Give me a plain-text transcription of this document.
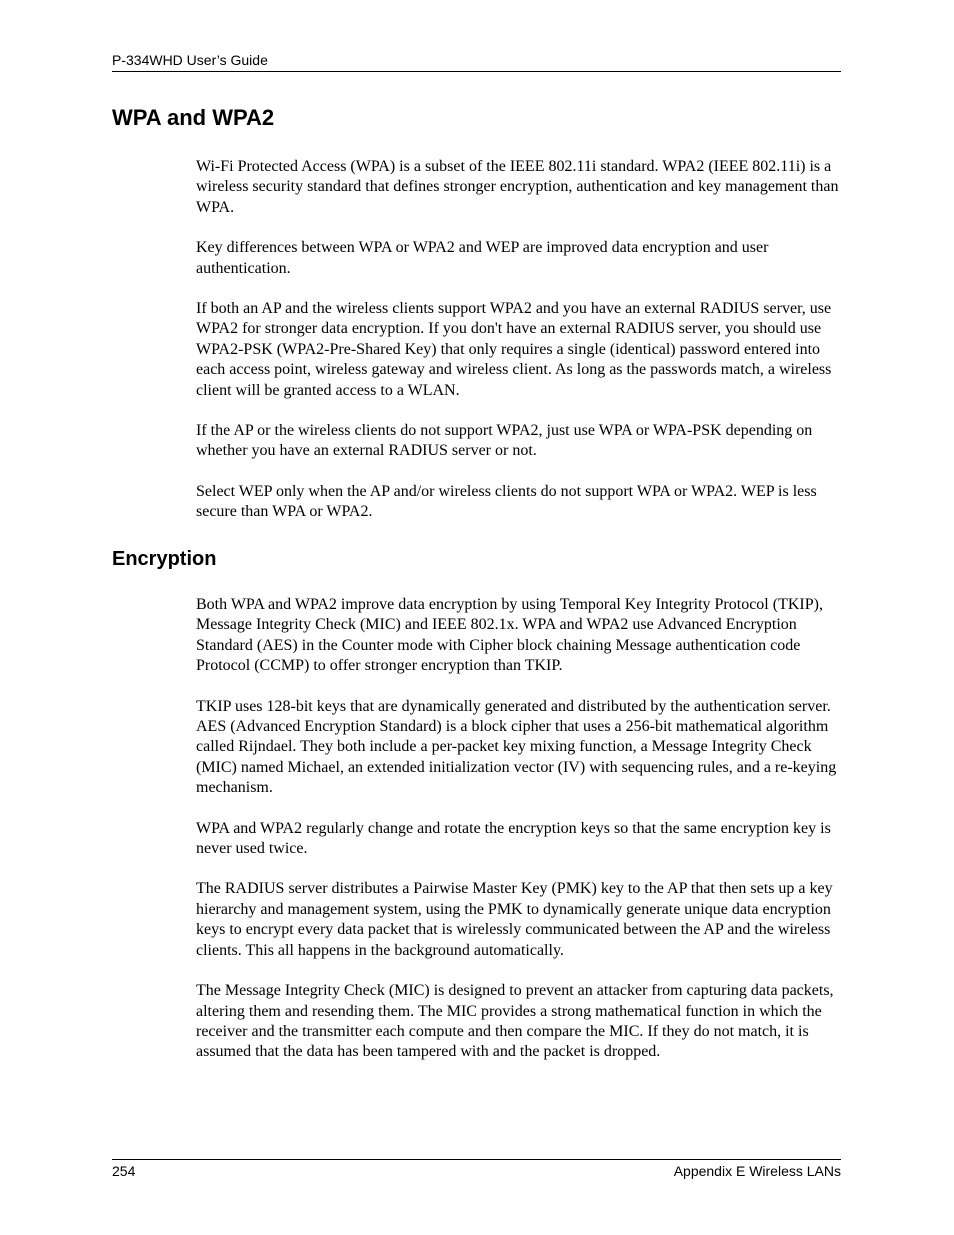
P-334WHD User’s Guide
WPA and WPA2

Wi-Fi Protected Access (WPA) is a subset of the IEEE 802.11i standard. WPA2 (IEEE 802.11i) is a wireless security standard that defines stronger encryption, authentication and key management than WPA.

Key differences between WPA or WPA2 and WEP are improved data encryption and user authentication.

If both an AP and the wireless clients support WPA2 and you have an external RADIUS server, use WPA2 for stronger data encryption. If you don't have an external RADIUS server, you should use WPA2-PSK (WPA2-Pre-Shared Key) that only requires a single (identical) password entered into each access point, wireless gateway and wireless client. As long as the passwords match, a wireless client will be granted access to a WLAN.

If the AP or the wireless clients do not support WPA2, just use WPA or WPA-PSK depending on whether you have an external RADIUS server or not.

Select WEP only when the AP and/or wireless clients do not support WPA or WPA2. WEP is less secure than WPA or WPA2.

Encryption

Both WPA and WPA2 improve data encryption by using Temporal Key Integrity Protocol (TKIP), Message Integrity Check (MIC) and IEEE 802.1x. WPA and WPA2 use Advanced Encryption Standard (AES) in the Counter mode with Cipher block chaining Message authentication code Protocol (CCMP) to offer stronger encryption than TKIP.

TKIP uses 128-bit keys that are dynamically generated and distributed by the authentication server. AES (Advanced Encryption Standard) is a block cipher that uses a 256-bit mathematical algorithm called Rijndael. They both include a per-packet key mixing function, a Message Integrity Check (MIC) named Michael, an extended initialization vector (IV) with sequencing rules, and a re-keying mechanism.

WPA and WPA2 regularly change and rotate the encryption keys so that the same encryption key is never used twice.

The RADIUS server distributes a Pairwise Master Key (PMK) key to the AP that then sets up a key hierarchy and management system, using the PMK to dynamically generate unique data encryption keys to encrypt every data packet that is wirelessly communicated between the AP and the wireless clients. This all happens in the background automatically.

The Message Integrity Check (MIC) is designed to prevent an attacker from capturing data packets, altering them and resending them. The MIC provides a strong mathematical function in which the receiver and the transmitter each compute and then compare the MIC. If they do not match, it is assumed that the data has been tampered with and the packet is dropped.

254	Appendix E Wireless LANs
